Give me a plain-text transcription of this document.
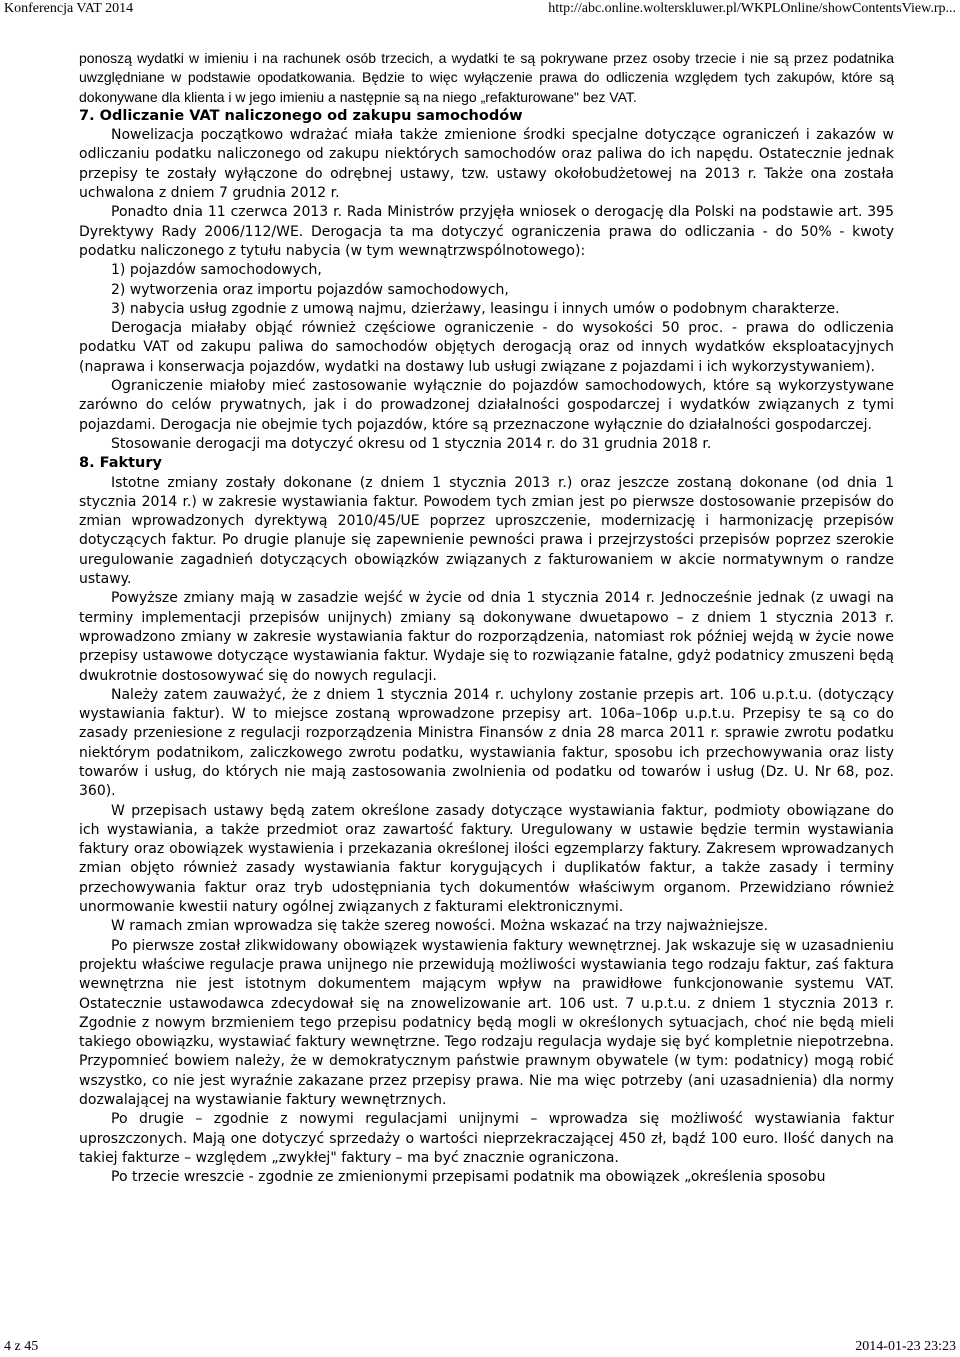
Konferencja VAT 2014	http://abc.online.wolterskluwer.pl/WKPLOnline/showContentsView.rp...

ponoszą wydatki w imieniu i na rachunek osób trzecich, a wydatki te są pokrywane przez osoby trzecie i nie są przez podatnika uwzględniane w podstawie opodatkowania. Będzie to więc wyłączenie prawa do odliczenia względem tych zakupów, które są dokonywane dla klienta i w jego imieniu a następnie są na niego „refakturowane" bez VAT.

7. Odliczanie VAT naliczonego od zakupu samochodów

Nowelizacja początkowo wdrażać miała także zmienione środki specjalne dotyczące ograniczeń i zakazów w odliczaniu podatku naliczonego od zakupu niektórych samochodów oraz paliwa do ich napędu. Ostatecznie jednak przepisy te zostały wyłączone do odrębnej ustawy, tzw. ustawy okołobudżetowej na 2013 r. Także ona została uchwalona z dniem 7 grudnia 2012 r.

Ponadto dnia 11 czerwca 2013 r. Rada Ministrów przyjęła wniosek o derogację dla Polski na podstawie art. 395 Dyrektywy Rady 2006/112/WE. Derogacja ta ma dotyczyć ograniczenia prawa do odliczania - do 50% - kwoty podatku naliczonego z tytułu nabycia (w tym wewnątrzwspólnotowego):

1) pojazdów samochodowych,

2) wytworzenia oraz importu pojazdów samochodowych,

3) nabycia usług zgodnie z umową najmu, dzierżawy, leasingu i innych umów o podobnym charakterze.

Derogacja miałaby objąć również częściowe ograniczenie - do wysokości 50 proc. - prawa do odliczenia podatku VAT od zakupu paliwa do samochodów objętych derogacją oraz od innych wydatków eksploatacyjnych (naprawa i konserwacja pojazdów, wydatki na dostawy lub usługi związane z pojazdami i ich wykorzystywaniem).

Ograniczenie miałoby mieć zastosowanie wyłącznie do pojazdów samochodowych, które są wykorzystywane zarówno do celów prywatnych, jak i do prowadzonej działalności gospodarczej i wydatków związanych z tymi pojazdami. Derogacja nie obejmie tych pojazdów, które są przeznaczone wyłącznie do działalności gospodarczej.

Stosowanie derogacji ma dotyczyć okresu od 1 stycznia 2014 r. do 31 grudnia 2018 r.

8. Faktury

Istotne zmiany zostały dokonane (z dniem 1 stycznia 2013 r.) oraz jeszcze zostaną dokonane (od dnia 1 stycznia 2014 r.) w zakresie wystawiania faktur. Powodem tych zmian jest po pierwsze dostosowanie przepisów do zmian wprowadzonych dyrektywą 2010/45/UE poprzez uproszczenie, modernizację i harmonizację przepisów dotyczących faktur. Po drugie planuje się zapewnienie pewności prawa i przejrzystości przepisów poprzez szerokie uregulowanie zagadnień dotyczących obowiązków związanych z fakturowaniem w akcie normatywnym o randze ustawy.

Powyższe zmiany mają w zasadzie wejść w życie od dnia 1 stycznia 2014 r. Jednocześnie jednak (z uwagi na terminy implementacji przepisów unijnych) zmiany są dokonywane dwuetapowo – z dniem 1 stycznia 2013 r. wprowadzono zmiany w zakresie wystawiania faktur do rozporządzenia, natomiast rok później wejdą w życie nowe przepisy ustawowe dotyczące wystawiania faktur. Wydaje się to rozwiązanie fatalne, gdyż podatnicy zmuszeni będą dwukrotnie dostosowywać się do nowych regulacji.

Należy zatem zauważyć, że z dniem 1 stycznia 2014 r. uchylony zostanie przepis art. 106 u.p.t.u. (dotyczący wystawiania faktur). W to miejsce zostaną wprowadzone przepisy art. 106a–106p u.p.t.u. Przepisy te są co do zasady przeniesione z regulacji rozporządzenia Ministra Finansów z dnia 28 marca 2011 r. sprawie zwrotu podatku niektórym podatnikom, zaliczkowego zwrotu podatku, wystawiania faktur, sposobu ich przechowywania oraz listy towarów i usług, do których nie mają zastosowania zwolnienia od podatku od towarów i usług (Dz. U. Nr 68, poz. 360).

W przepisach ustawy będą zatem określone zasady dotyczące wystawiania faktur, podmioty obowiązane do ich wystawiania, a także przedmiot oraz zawartość faktury. Uregulowany w ustawie będzie termin wystawiania faktury oraz obowiązek wystawienia i przekazania określonej ilości egzemplarzy faktury. Zakresem wprowadzanych zmian objęto również zasady wystawiania faktur korygujących i duplikatów faktur, a także zasady i terminy przechowywania faktur oraz tryb udostępniania tych dokumentów właściwym organom. Przewidziano również unormowanie kwestii natury ogólnej związanych z fakturami elektronicznymi.

W ramach zmian wprowadza się także szereg nowości. Można wskazać na trzy najważniejsze.

Po pierwsze został zlikwidowany obowiązek wystawienia faktury wewnętrznej. Jak wskazuje się w uzasadnieniu projektu właściwe regulacje prawa unijnego nie przewidują możliwości wystawiania tego rodzaju faktur, zaś faktura wewnętrzna nie jest istotnym dokumentem mającym wpływ na prawidłowe funkcjonowanie systemu VAT. Ostatecznie ustawodawca zdecydował się na znowelizowanie art. 106 ust. 7 u.p.t.u. z dniem 1 stycznia 2013 r. Zgodnie z nowym brzmieniem tego przepisu podatnicy będą mogli w określonych sytuacjach, choć nie będą mieli takiego obowiązku, wystawiać faktury wewnętrzne. Tego rodzaju regulacja wydaje się być kompletnie niepotrzebna. Przypomnieć bowiem należy, że w demokratycznym państwie prawnym obywatele (w tym: podatnicy) mogą robić wszystko, co nie jest wyraźnie zakazane przez przepisy prawa. Nie ma więc potrzeby (ani uzasadnienia) dla normy dozwalającej na wystawianie faktury wewnętrznych.

Po drugie – zgodnie z nowymi regulacjami unijnymi – wprowadza się możliwość wystawiania faktur uproszczonych. Mają one dotyczyć sprzedaży o wartości nieprzekraczającej 450 zł, bądź 100 euro. Ilość danych na takiej fakturze – względem „zwykłej" faktury – ma być znacznie ograniczona.

Po trzecie wreszcie - zgodnie ze zmienionymi przepisami podatnik ma obowiązek „określenia sposobu

4 z 45	2014-01-23 23:23
